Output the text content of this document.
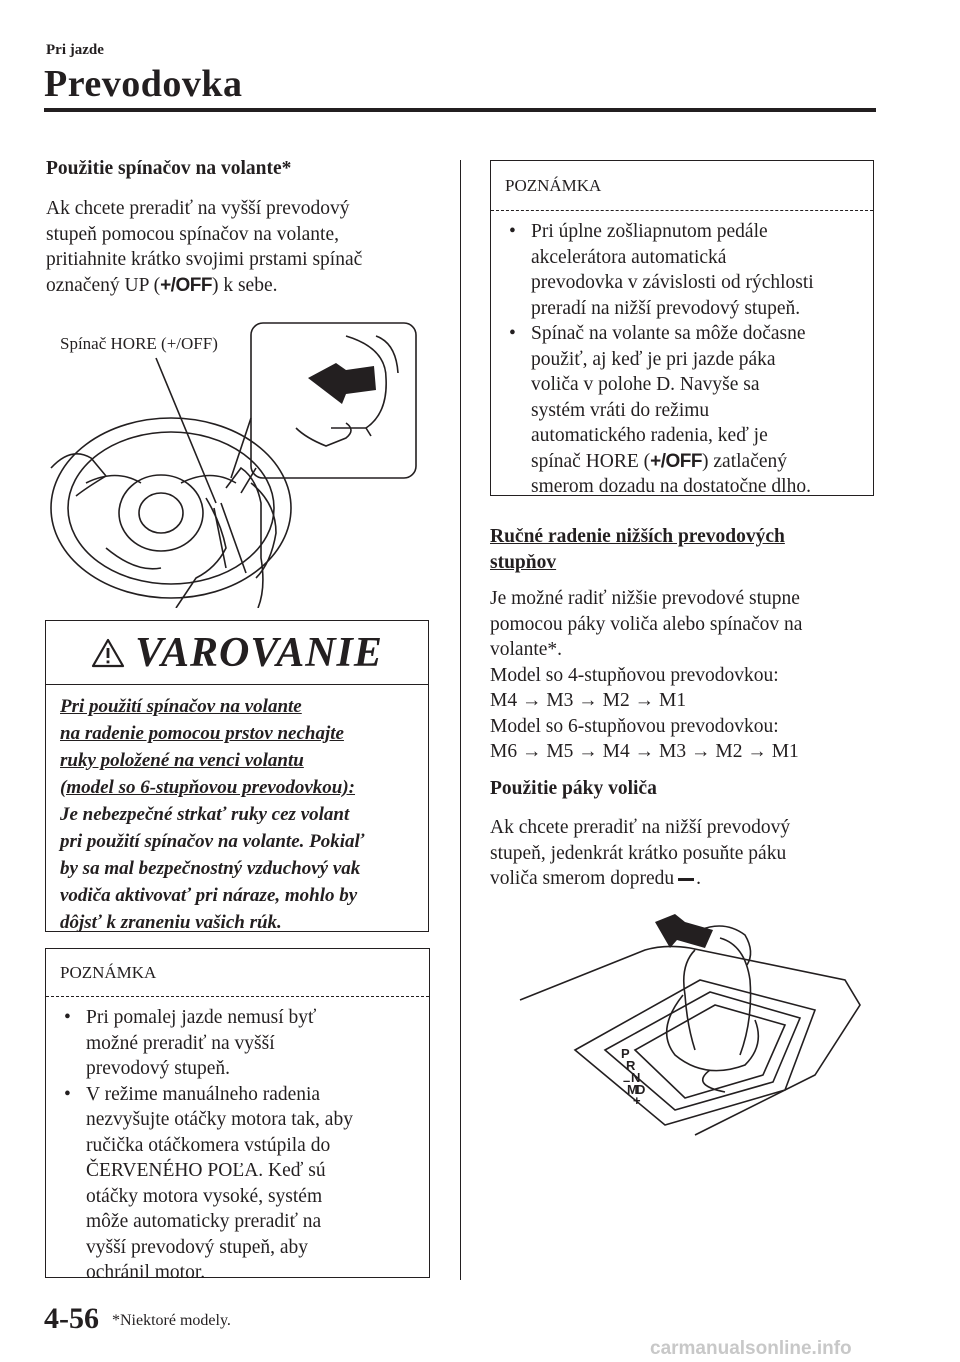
Pri jazde
Prevodovka
Použitie spínačov na volante*
Ak chcete preradiť na vyšší prevodový
stupeň pomocou spínačov na volante,
pritiahnite krátko svojimi prstami spínač
označený UP (+/OFF) k sebe.
Spínač HORE (+/OFF)
VAROVANIE
Pri použití spínačov na volante
na radenie pomocou prstov nechajte
ruky položené na venci volantu
(model so 6-stupňovou prevodovkou):
Je nebezpečné strkať ruky cez volant
pri použití spínačov na volante. Pokiaľ
by sa mal bezpečnostný vzduchový vak
vodiča aktivovať pri náraze, mohlo by
dôjsť k zraneniu vašich rúk.
POZNÁMKA
• Pri pomalej jazde nemusí byť
možné preradiť na vyšší
prevodový stupeň.
• V režime manuálneho radenia
nezvyšujte otáčky motora tak, aby
ručička otáčkomera vstúpila do
ČERVENÉHO POĽA. Keď sú
otáčky motora vysoké, systém
môže automaticky preradiť na
vyšší prevodový stupeň, aby
ochránil motor.
POZNÁMKA
• Pri úplne zošliapnutom pedále
akcelerátora automatická
prevodovka v závislosti od rýchlosti
preradí na nižší prevodový stupeň.
• Spínač na volante sa môže dočasne
použiť, aj keď je pri jazde páka
voliča v polohe D. Navyše sa
systém vráti do režimu
automatického radenia, keď je
spínač HORE (+/OFF) zatlačený
smerom dozadu na dostatočne dlho.
Ručné radenie nižších prevodových
stupňov
Je možné radiť nižšie prevodové stupne
pomocou páky voliča alebo spínačov na
volante*.
Model so 4-stupňovou prevodovkou:
M4 → M3 → M2 → M1
Model so 6-stupňovou prevodovkou:
M6 → M5 → M4 → M3 → M2 → M1
Použitie páky voliča
Ak chcete preradiť na nižší prevodový
stupeň, jedenkrát krátko posuňte páku
voliča smerom dopredu .
P
R
N
D
M
–
+
4-56 *Niektoré modely.
carmanualsonline.info
